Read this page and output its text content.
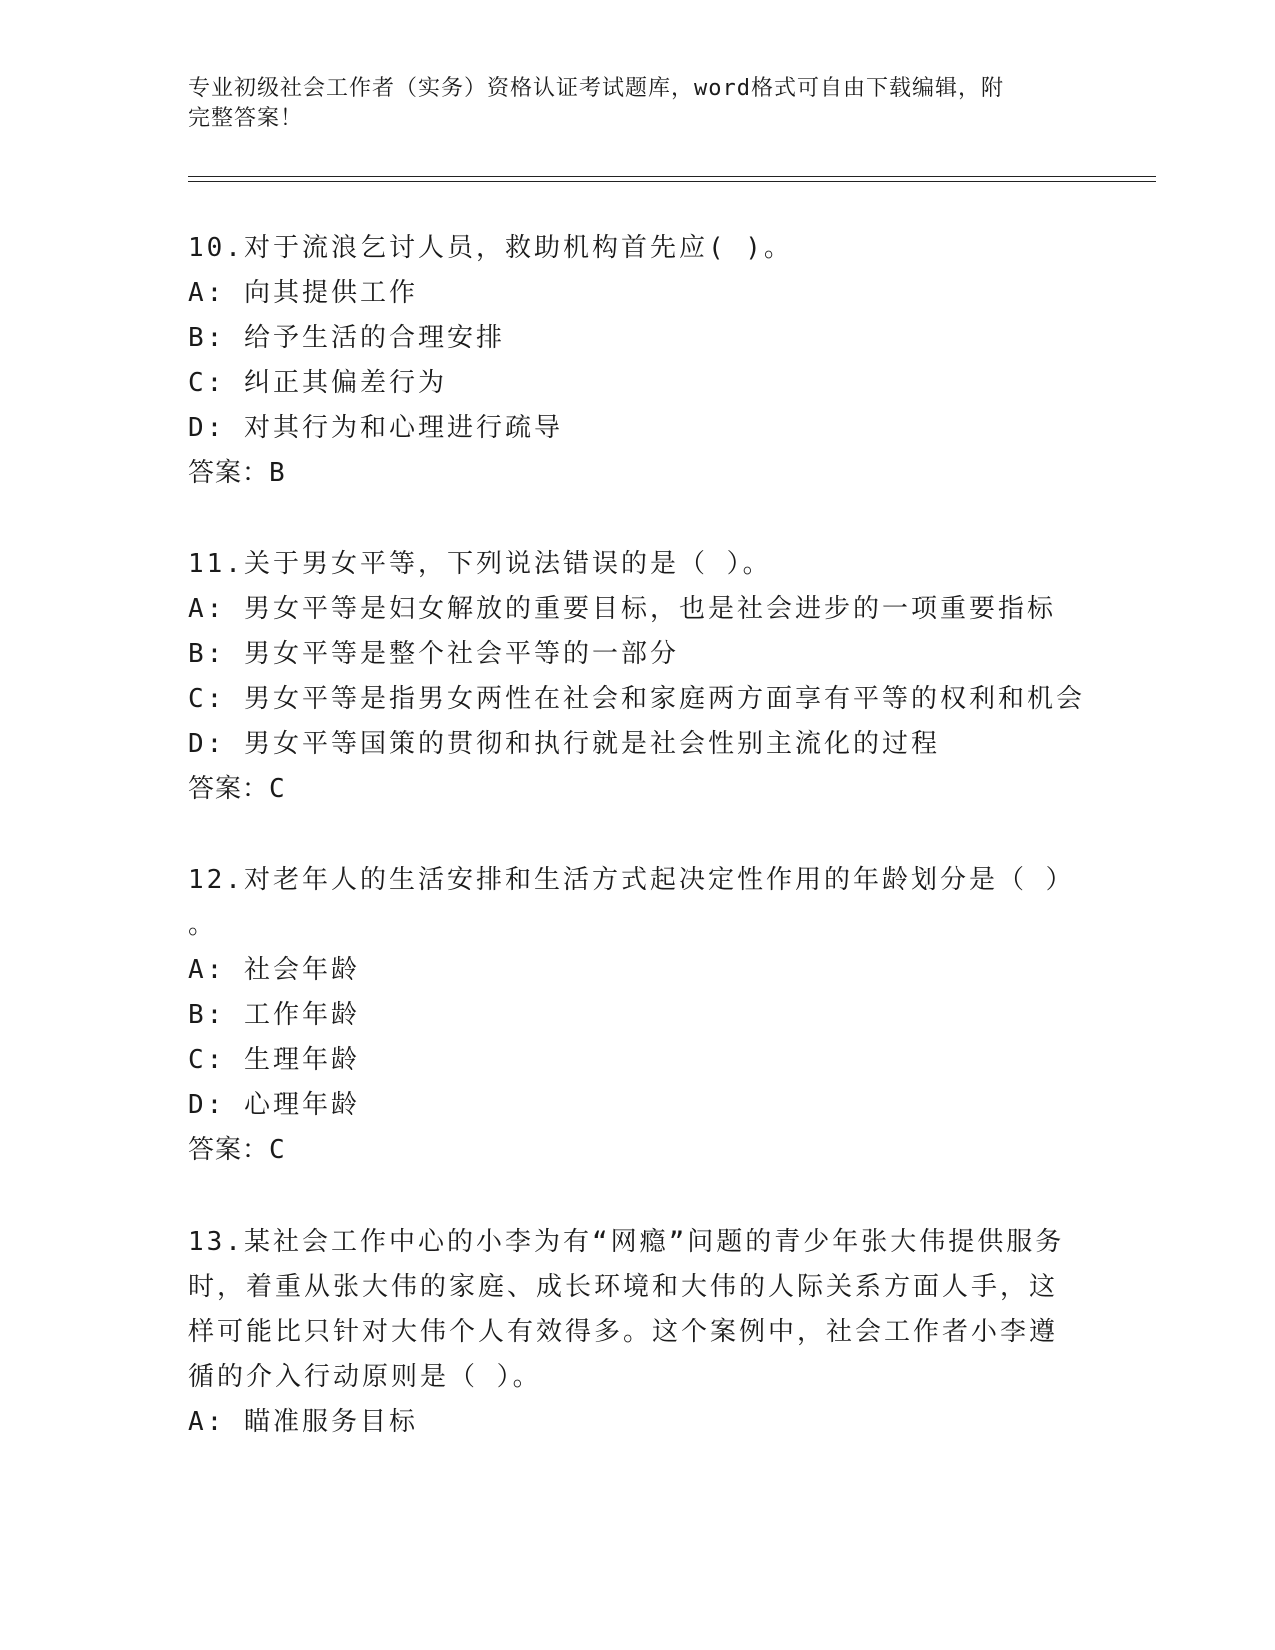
专业初级社会工作者（实务）资格认证考试题库，word格式可自由下载编辑，附
完整答案！

10.对于流浪乞讨人员，救助机构首先应( )。

A: 向其提供工作

B: 给予生活的合理安排

C: 纠正其偏差行为

D: 对其行为和心理进行疏导

答案：B

11.关于男女平等，下列说法错误的是（ ）。

A: 男女平等是妇女解放的重要目标，也是社会进步的一项重要指标

B: 男女平等是整个社会平等的一部分

C: 男女平等是指男女两性在社会和家庭两方面享有平等的权利和机会

D: 男女平等国策的贯彻和执行就是社会性别主流化的过程

答案：C

12.对老年人的生活安排和生活方式起决定性作用的年龄划分是（ ）

。

A: 社会年龄

B: 工作年龄

C: 生理年龄

D: 心理年龄

答案：C

13.某社会工作中心的小李为有“网瘾”问题的青少年张大伟提供服务

时，着重从张大伟的家庭、成长环境和大伟的人际关系方面人手，这

样可能比只针对大伟个人有效得多。这个案例中，社会工作者小李遵

循的介入行动原则是（ ）。

A: 瞄准服务目标
